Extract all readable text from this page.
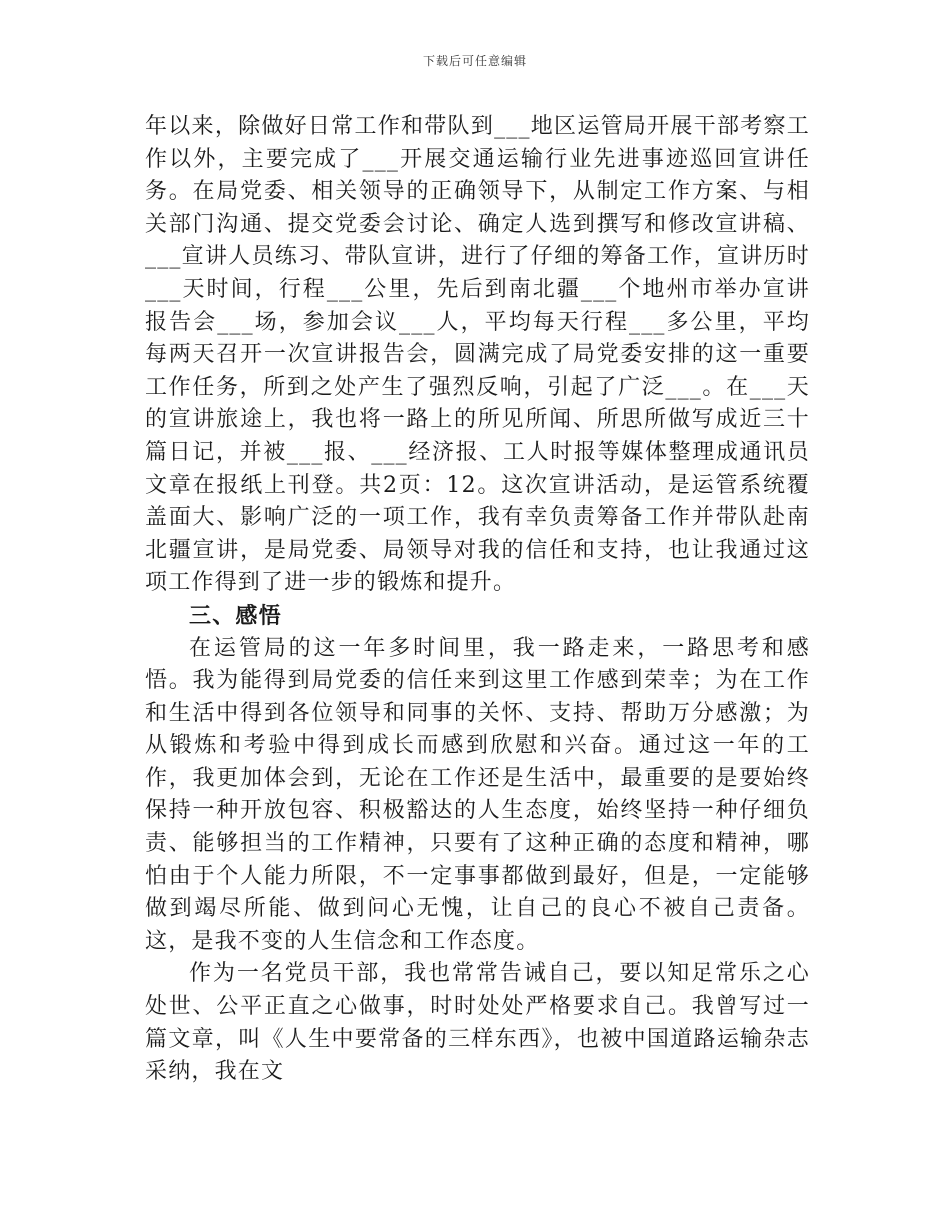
下载后可任意编辑

年以来，除做好日常工作和带队到___地区运管局开展干部考察工作以外，主要完成了___开展交通运输行业先进事迹巡回宣讲任务。在局党委、相关领导的正确领导下，从制定工作方案、与相关部门沟通、提交党委会讨论、确定人选到撰写和修改宣讲稿、___宣讲人员练习、带队宣讲，进行了仔细的筹备工作，宣讲历时___天时间，行程___公里，先后到南北疆___个地州市举办宣讲报告会___场，参加会议___人，平均每天行程___多公里，平均每两天召开一次宣讲报告会，圆满完成了局党委安排的这一重要工作任务，所到之处产生了强烈反响，引起了广泛___。在___天的宣讲旅途上，我也将一路上的所见所闻、所思所做写成近三十篇日记，并被___报、___经济报、工人时报等媒体整理成通讯员文章在报纸上刊登。共2页：12。这次宣讲活动，是运管系统覆盖面大、影响广泛的一项工作，我有幸负责筹备工作并带队赴南北疆宣讲，是局党委、局领导对我的信任和支持，也让我通过这项工作得到了进一步的锻炼和提升。

三、感悟

在运管局的这一年多时间里，我一路走来，一路思考和感悟。我为能得到局党委的信任来到这里工作感到荣幸；为在工作和生活中得到各位领导和同事的关怀、支持、帮助万分感激；为从锻炼和考验中得到成长而感到欣慰和兴奋。通过这一年的工作，我更加体会到，无论在工作还是生活中，最重要的是要始终保持一种开放包容、积极豁达的人生态度，始终坚持一种仔细负责、能够担当的工作精神，只要有了这种正确的态度和精神，哪怕由于个人能力所限，不一定事事都做到最好，但是，一定能够做到竭尽所能、做到问心无愧，让自己的良心不被自己责备。这，是我不变的人生信念和工作态度。

作为一名党员干部，我也常常告诫自己，要以知足常乐之心处世、公平正直之心做事，时时处处严格要求自己。我曾写过一篇文章，叫《人生中要常备的三样东西》，也被中国道路运输杂志采纳，我在文
